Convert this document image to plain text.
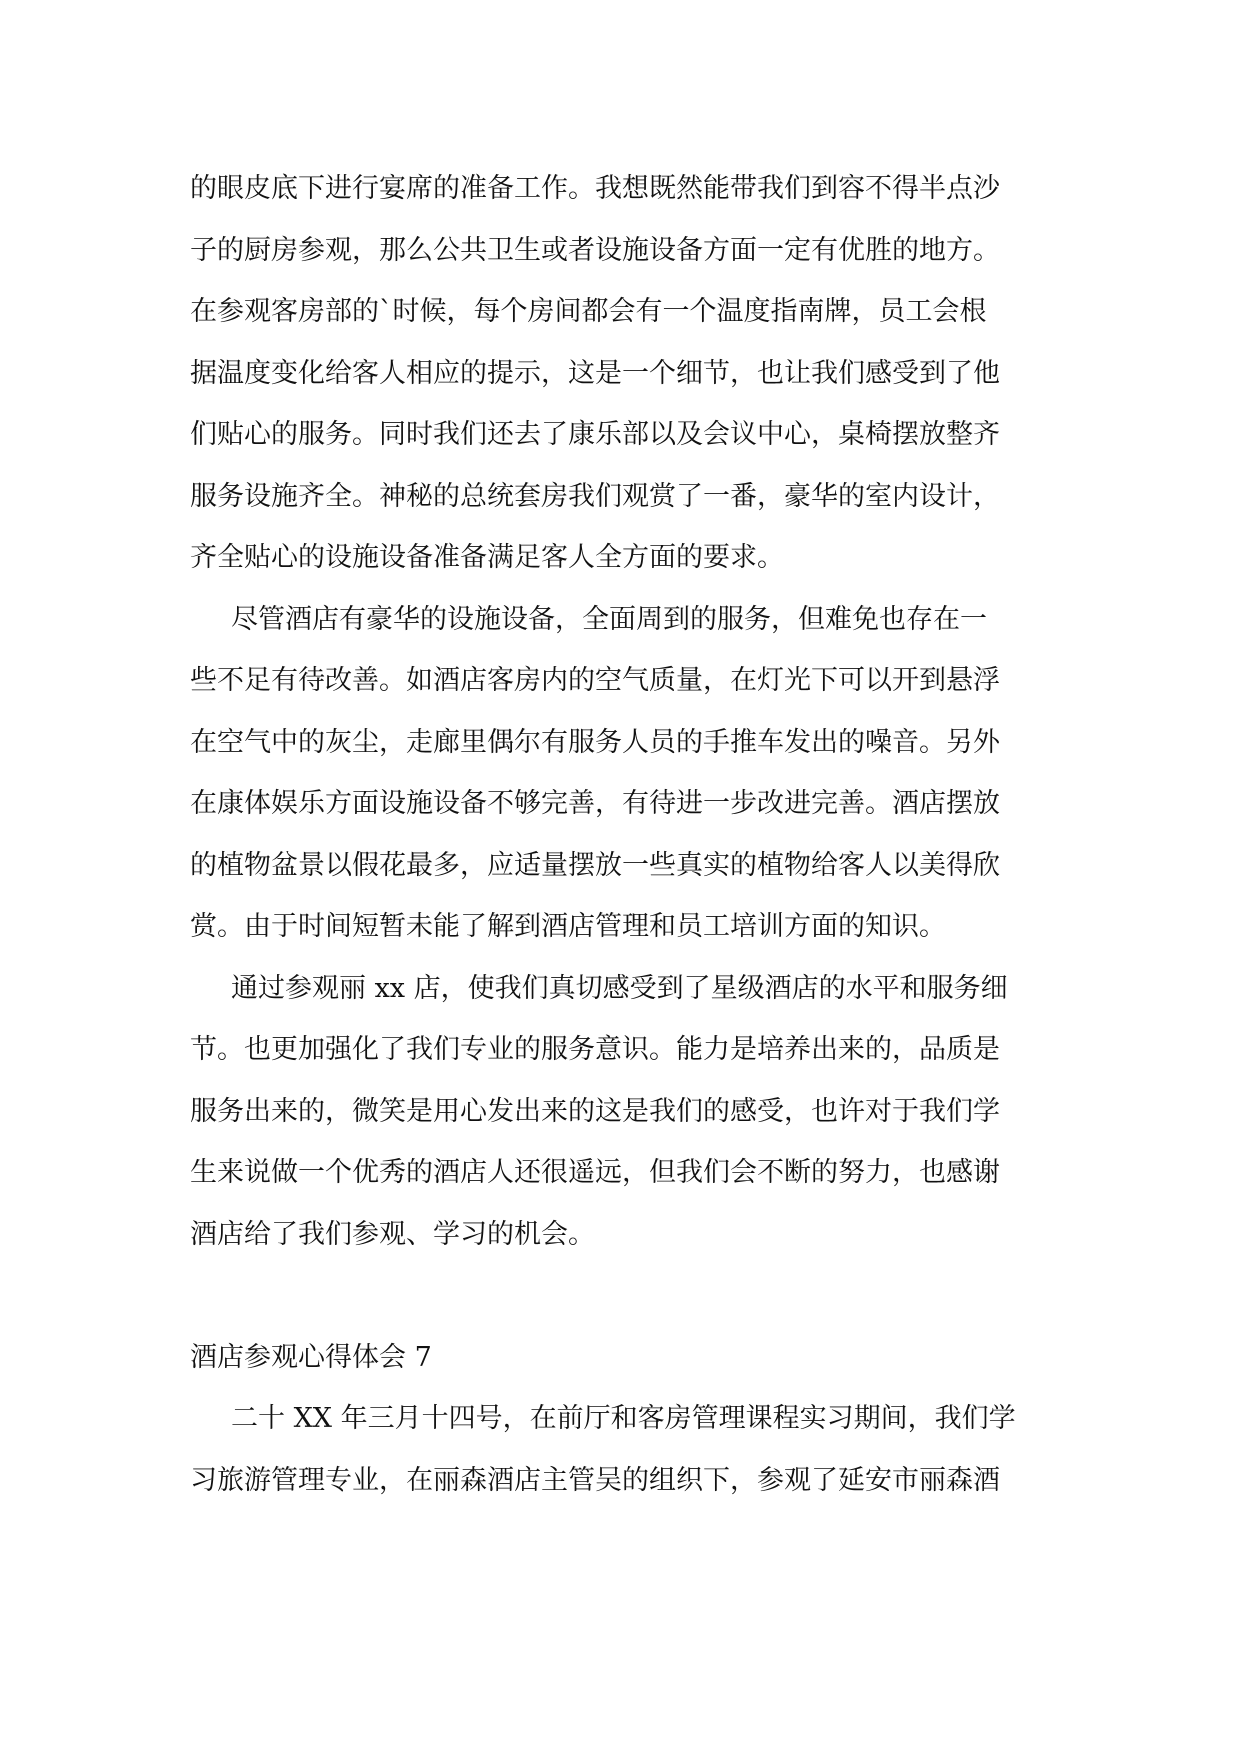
的眼皮底下进行宴席的准备工作。我想既然能带我们到容不得半点沙
子的厨房参观，那么公共卫生或者设施设备方面一定有优胜的地方。
在参观客房部的`时候，每个房间都会有一个温度指南牌，员工会根
据温度变化给客人相应的提示，这是一个细节，也让我们感受到了他
们贴心的服务。同时我们还去了康乐部以及会议中心，桌椅摆放整齐
服务设施齐全。神秘的总统套房我们观赏了一番，豪华的室内设计，
齐全贴心的设施设备准备满足客人全方面的要求。
尽管酒店有豪华的设施设备，全面周到的服务，但难免也存在一
些不足有待改善。如酒店客房内的空气质量，在灯光下可以开到悬浮
在空气中的灰尘，走廊里偶尔有服务人员的手推车发出的噪音。另外
在康体娱乐方面设施设备不够完善，有待进一步改进完善。酒店摆放
的植物盆景以假花最多，应适量摆放一些真实的植物给客人以美得欣
赏。由于时间短暂未能了解到酒店管理和员工培训方面的知识。
通过参观丽 xx 店，使我们真切感受到了星级酒店的水平和服务细
节。也更加强化了我们专业的服务意识。能力是培养出来的，品质是
服务出来的，微笑是用心发出来的这是我们的感受，也许对于我们学
生来说做一个优秀的酒店人还很遥远，但我们会不断的努力，也感谢
酒店给了我们参观、学习的机会。
酒店参观心得体会 7
二十 XX 年三月十四号，在前厅和客房管理课程实习期间，我们学
习旅游管理专业，在丽森酒店主管吴的组织下，参观了延安市丽森酒
